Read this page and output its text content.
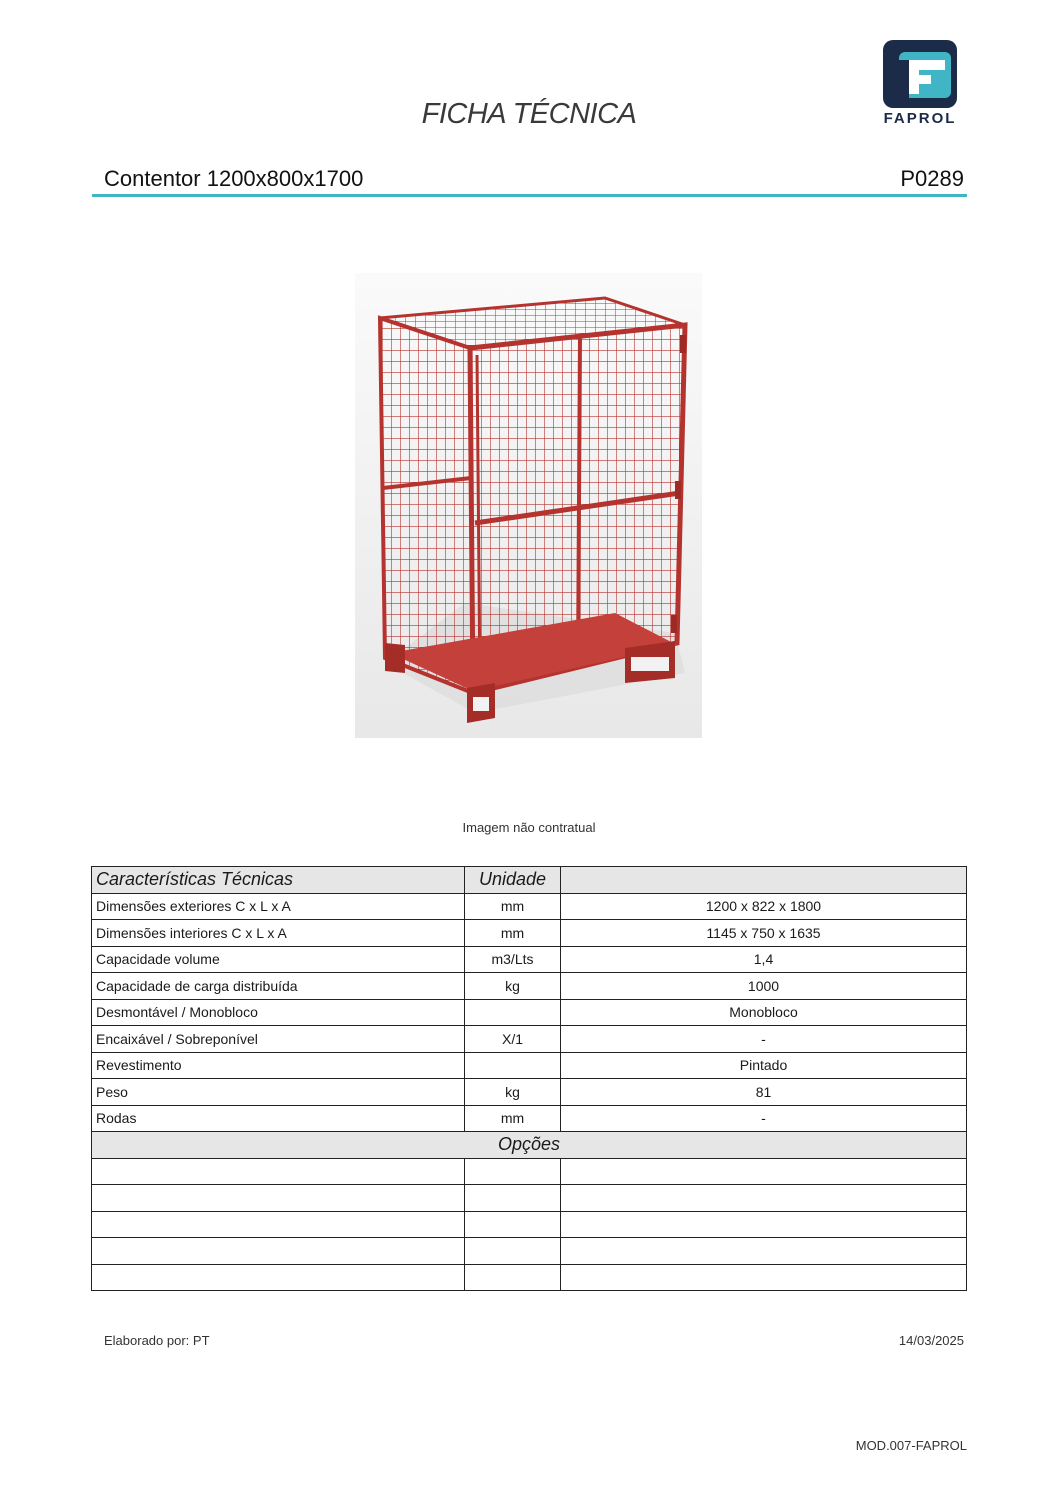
FICHA TÉCNICA	FAPROL
Contentor 1200x800x1700	P0289
Imagem não contratual
Características Técnicas	Unidade	
Dimensões exteriores C x L x A	mm	1200 x 822 x 1800
Dimensões interiores C x L x A	mm	1145 x 750 x 1635
Capacidade volume	m3/Lts	1,4
Capacidade de carga distribuída	kg	1000
Desmontável / Monobloco		Monobloco
Encaixável / Sobreponível	X/1	-
Revestimento		Pintado
Peso	kg	81
Rodas	mm	-
Opções		

Elaborado por: PT	14/03/2025
MOD.007-FAPROL
